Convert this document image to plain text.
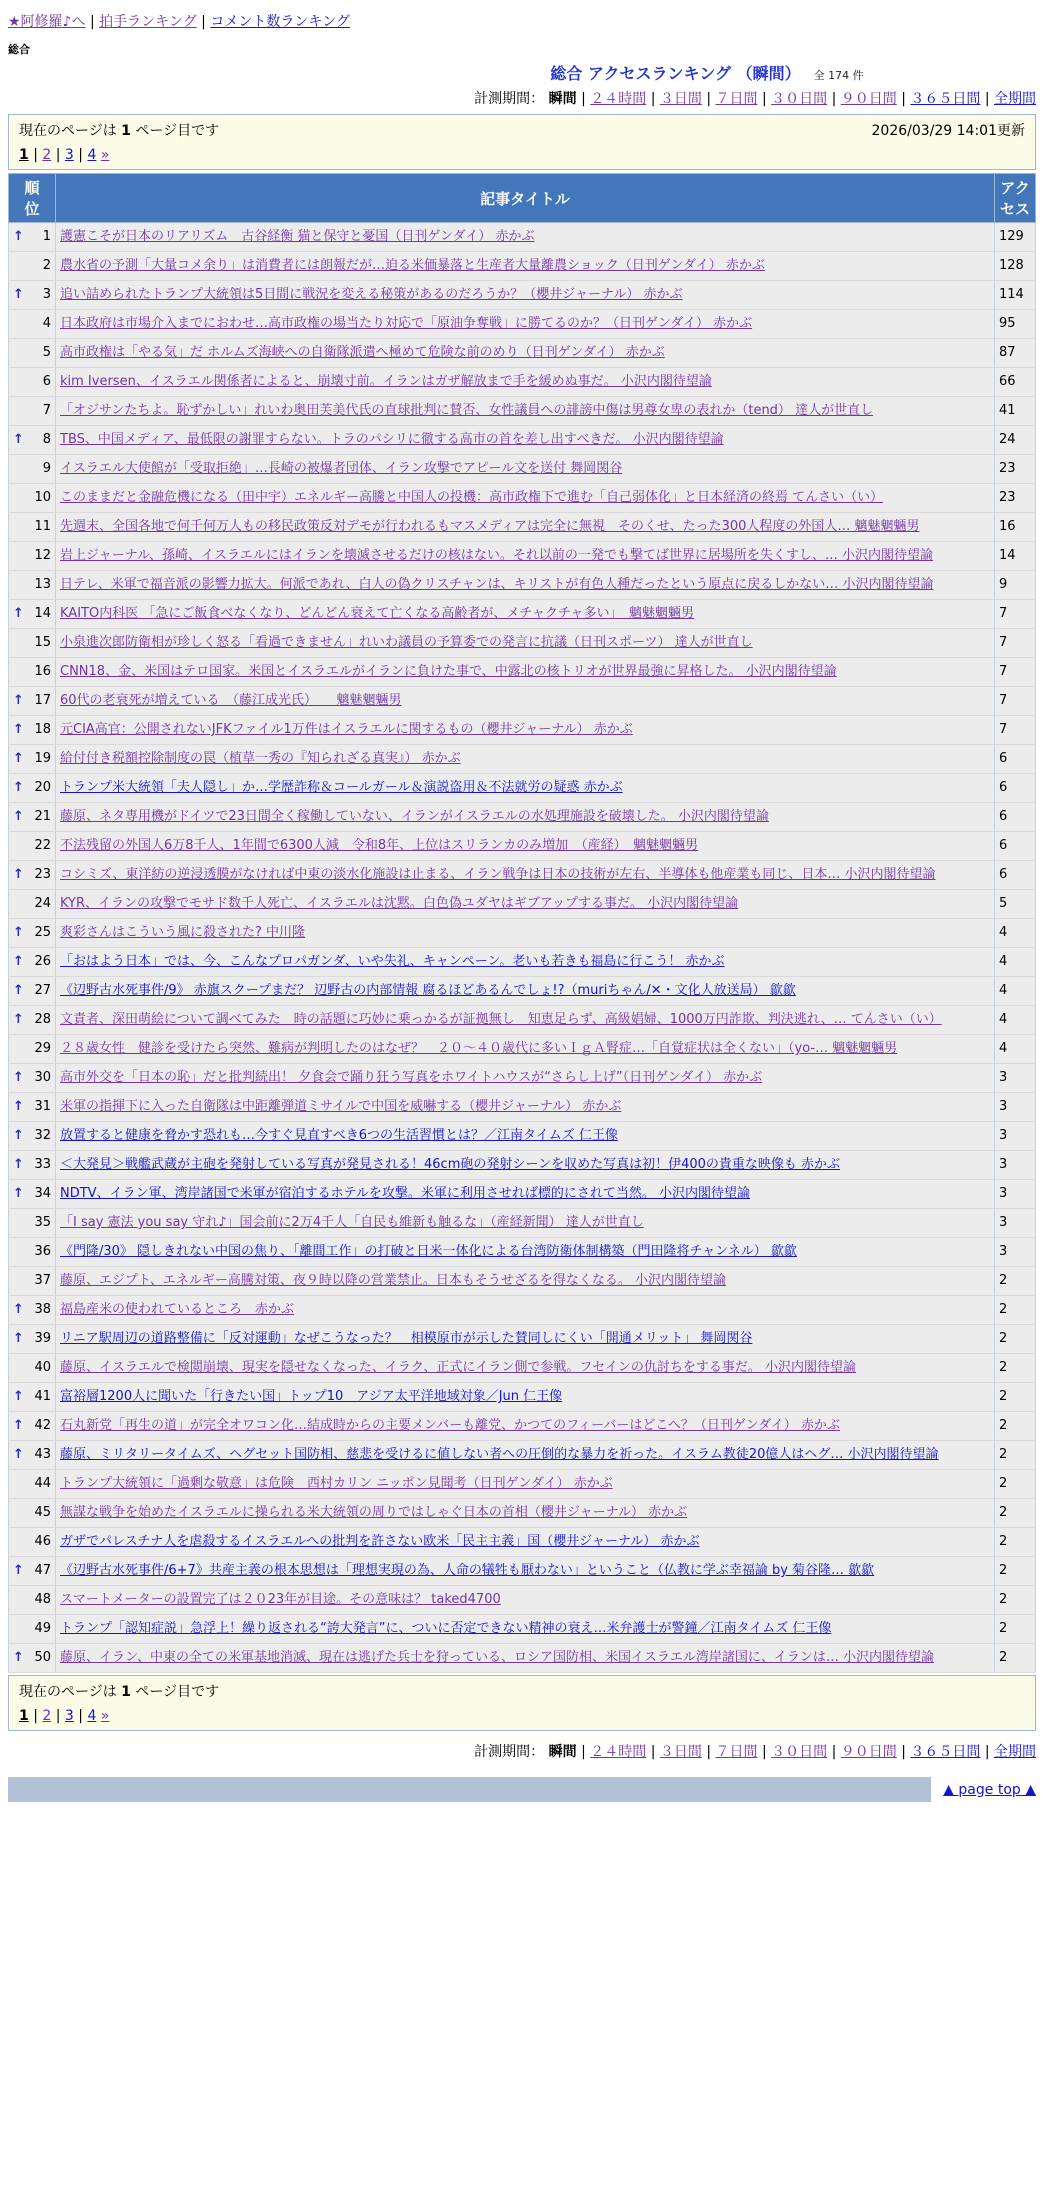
★阿修羅♪へ | 拍手ランキング | コメント数ランキング
総合
総合 アクセスランキング （瞬間） 全 174 件
計測期間： 瞬間 | ２４時間 | ３日間 | ７日間 | ３０日間 | ９０日間 | ３６５日間 | 全期間
現在のページは 1 ページ目です	2026/03/29 14:01更新
1 | 2 | 3 | 4 »
順位	記事タイトル	アクセス

↑ 1	護憲こそが日本のリアリズム　古谷経衡 猫と保守と憂国（日刊ゲンダイ） 赤かぶ	129
2	農水省の予測「大量コメ余り」は消費者には朗報だが…迫る米価暴落と生産者大量離農ショック（日刊ゲンダイ） 赤かぶ	128

↑ 3	追い詰められたトランプ大統領は5日間に戦況を変える秘策があるのだろうか？（櫻井ジャーナル） 赤かぶ	114
4	日本政府は市場介入までにおわせ…高市政権の場当たり対応で「原油争奪戦」に勝てるのか？（日刊ゲンダイ） 赤かぶ	95
5	高市政権は「やる気」だ ホルムズ海峡への自衛隊派遣へ極めて危険な前のめり（日刊ゲンダイ） 赤かぶ	87
6	kim Iversen、イスラエル関係者によると、崩壊寸前。イランはガザ解放まで手を緩めぬ事だ。 小沢内閣待望論	66
7	「オジサンたちよ。恥ずかしい」れいわ奥田芙美代氏の直球批判に賛否、女性議員への誹謗中傷は男尊女卑の表れか（tend） 達人が世直し	41

↑ 8	TBS、中国メディア、最低限の謝罪すらない。トラのパシリに徹する高市の首を差し出すべきだ。 小沢内閣待望論	24
9	イスラエル大使館が「受取拒絶」…長崎の被爆者団体、イラン攻撃でアピール文を送付 舞岡関谷	23
10	このままだと金融危機になる（田中宇）エネルギー高騰と中国人の投機：高市政権下で進む「自己弱体化」と日本経済の終焉 てんさい（い）	23
11	先週末、全国各地で何千何万人もの移民政策反対デモが行われるもマスメディアは完全に無視　そのくせ、たった300人程度の外国人… 魑魅魍魎男	16
12	岩上ジャーナル、孫崎、イスラエルにはイランを壊滅させるだけの核はない。それ以前の一発でも撃てば世界に居場所を失くすし、… 小沢内閣待望論	14
13	日テレ、米軍で福音派の影響力拡大。何派であれ、白人の偽クリスチャンは、キリストが有色人種だったという原点に戻るしかない… 小沢内閣待望論	9

↑ 14	KAITO内科医 「急にご飯食べなくなり、どんどん衰えて亡くなる高齢者が、メチャクチャ多い」　魑魅魍魎男	7
15	小泉進次郎防衛相が珍しく怒る「看過できません」れいわ議員の予算委での発言に抗議（日刊スポーツ） 達人が世直し	7
16	CNN18、金、米国はテロ国家。米国とイスラエルがイランに負けた事で、中露北の核トリオが世界最強に昇格した。 小沢内閣待望論	7

↑ 17	60代の老衰死が増えている　（藤江成光氏）　　魑魅魍魎男	7

↑ 18	元CIA高官：公開されないJFKファイル1万件はイスラエルに関するもの（櫻井ジャーナル） 赤かぶ	7

↑ 19	給付付き税額控除制度の罠（植草一秀の『知られざる真実』） 赤かぶ	6

↑ 20	トランプ米大統領「夫人隠し」か…学歴詐称＆コールガール＆演説盗用＆不法就労の疑惑 赤かぶ	6

↑ 21	藤原、ネタ専用機がドイツで23日間全く稼働していない、イランがイスラエルの水処理施設を破壊した。 小沢内閣待望論	6
22	不法残留の外国人6万8千人、1年間で6300人減　令和8年、上位はスリランカのみ増加　（産経）　魑魅魍魎男	6

↑ 23	コシミズ、東洋紡の逆浸透膜がなければ中東の淡水化施設は止まる、イラン戦争は日本の技術が左右、半導体も他産業も同じ、日本… 小沢内閣待望論	6
24	KYR、イランの攻撃でモサド数千人死亡、イスラエルは沈黙。白色偽ユダヤはギブアップする事だ。 小沢内閣待望論	5

↑ 25	爽彩さんはこういう風に殺された? 中川隆	4

↑ 26	「おはよう日本」では、今、こんなプロパガンダ、いや失礼、キャンペーン。老いも若きも福島に行こう！ 赤かぶ	4

↑ 27	《辺野古水死事件/9》 赤旗スクープまだ？ 辺野古の内部情報 腐るほどあるんでしょ!?（muriちゃん/✕・文化人放送局） 歙歙	4

↑ 28	文責者、深田萌絵について調べてみた　時の話題に巧妙に乗っかるが証拠無し　知恵足らず、高級娼婦、1000万円詐欺、判決逃れ、… てんさい（い）	4
29	２８歳女性　健診を受けたら突然、難病が判明したのはなぜ？　２０～４０歳代に多いＩｇＡ腎症…「自覚症状は全くない」（yo-… 魑魅魍魎男	4

↑ 30	高市外交を「日本の恥」だと批判続出！ 夕食会で踊り狂う写真をホワイトハウスが“さらし上げ”（日刊ゲンダイ） 赤かぶ	3

↑ 31	米軍の指揮下に入った自衛隊は中距離弾道ミサイルで中国を威嚇する（櫻井ジャーナル） 赤かぶ	3

↑ 32	放置すると健康を脅かす恐れも…今すぐ見直すべき6つの生活習慣とは？／江南タイムズ 仁王像	3

↑ 33	＜大発見＞戦艦武蔵が主砲を発射している写真が発見される！46cm砲の発射シーンを収めた写真は初！伊400の貴重な映像も 赤かぶ	3

↑ 34	NDTV、イラン軍、湾岸諸国で米軍が宿泊するホテルを攻撃。米軍に利用させれば標的にされて当然。 小沢内閣待望論	3
35	「I say 憲法 you say 守れ♪」国会前に2万4千人「自民も維新も触るな」（産経新聞） 達人が世直し	3
36	《門隆/30》 隠しきれない中国の焦り、「離間工作」の打破と日米一体化による台湾防衛体制構築（門田隆将チャンネル） 歙歙	3
37	藤原、エジプト、エネルギー高騰対策、夜９時以降の営業禁止。日本もそうせざるを得なくなる。 小沢内閣待望論	2

↑ 38	福島産米の使われているところ　赤かぶ	2

↑ 39	リニア駅周辺の道路整備に「反対運動」なぜこうなった？　相模原市が示した賛同しにくい「開通メリット」 舞岡関谷	2
40	藤原、イスラエルで検閲崩壊、現実を隠せなくなった、イラク、正式にイラン側で参戦。フセインの仇討ちをする事だ。 小沢内閣待望論	2

↑ 41	富裕層1200人に聞いた「行きたい国」トップ10　アジア太平洋地域対象／Jun 仁王像	2

↑ 42	石丸新党「再生の道」が完全オワコン化…結成時からの主要メンバーも離党、かつてのフィーバーはどこへ？（日刊ゲンダイ） 赤かぶ	2

↑ 43	藤原、ミリタリータイムズ、ヘグセット国防相、慈悲を受けるに値しない者への圧倒的な暴力を祈った。イスラム教徒20億人はヘグ… 小沢内閣待望論	2
44	トランプ大統領に「過剰な敬意」は危険　西村カリン ニッポン見聞考（日刊ゲンダイ） 赤かぶ	2
45	無謀な戦争を始めたイスラエルに操られる米大統領の周りではしゃぐ日本の首相（櫻井ジャーナル） 赤かぶ	2
46	ガザでパレスチナ人を虐殺するイスラエルへの批判を許さない欧米「民主主義」国（櫻井ジャーナル） 赤かぶ	2

↑ 47	《辺野古水死事件/6+7》共産主義の根本思想は「理想実現の為、人命の犠牲も厭わない」ということ（仏教に学ぶ幸福論 by 菊谷隆… 歙歙	2
48	スマートメーターの設置完了は２０23年が目途。その意味は？ taked4700	2
49	トランプ「認知症説」急浮上！繰り返される“誇大発言”に、ついに否定できない精神の衰え…米弁護士が警鐘／江南タイムズ 仁王像	2

↑ 50	藤原、イラン、中東の全ての米軍基地消滅、現在は逃げた兵士を狩っている、ロシア国防相、米国イスラエル湾岸諸国に、イランは… 小沢内閣待望論	2
現在のページは 1 ページ目です
1 | 2 | 3 | 4 »
計測期間： 瞬間 | ２４時間 | ３日間 | ７日間 | ３０日間 | ９０日間 | ３６５日間 | 全期間
▲ page top ▲
